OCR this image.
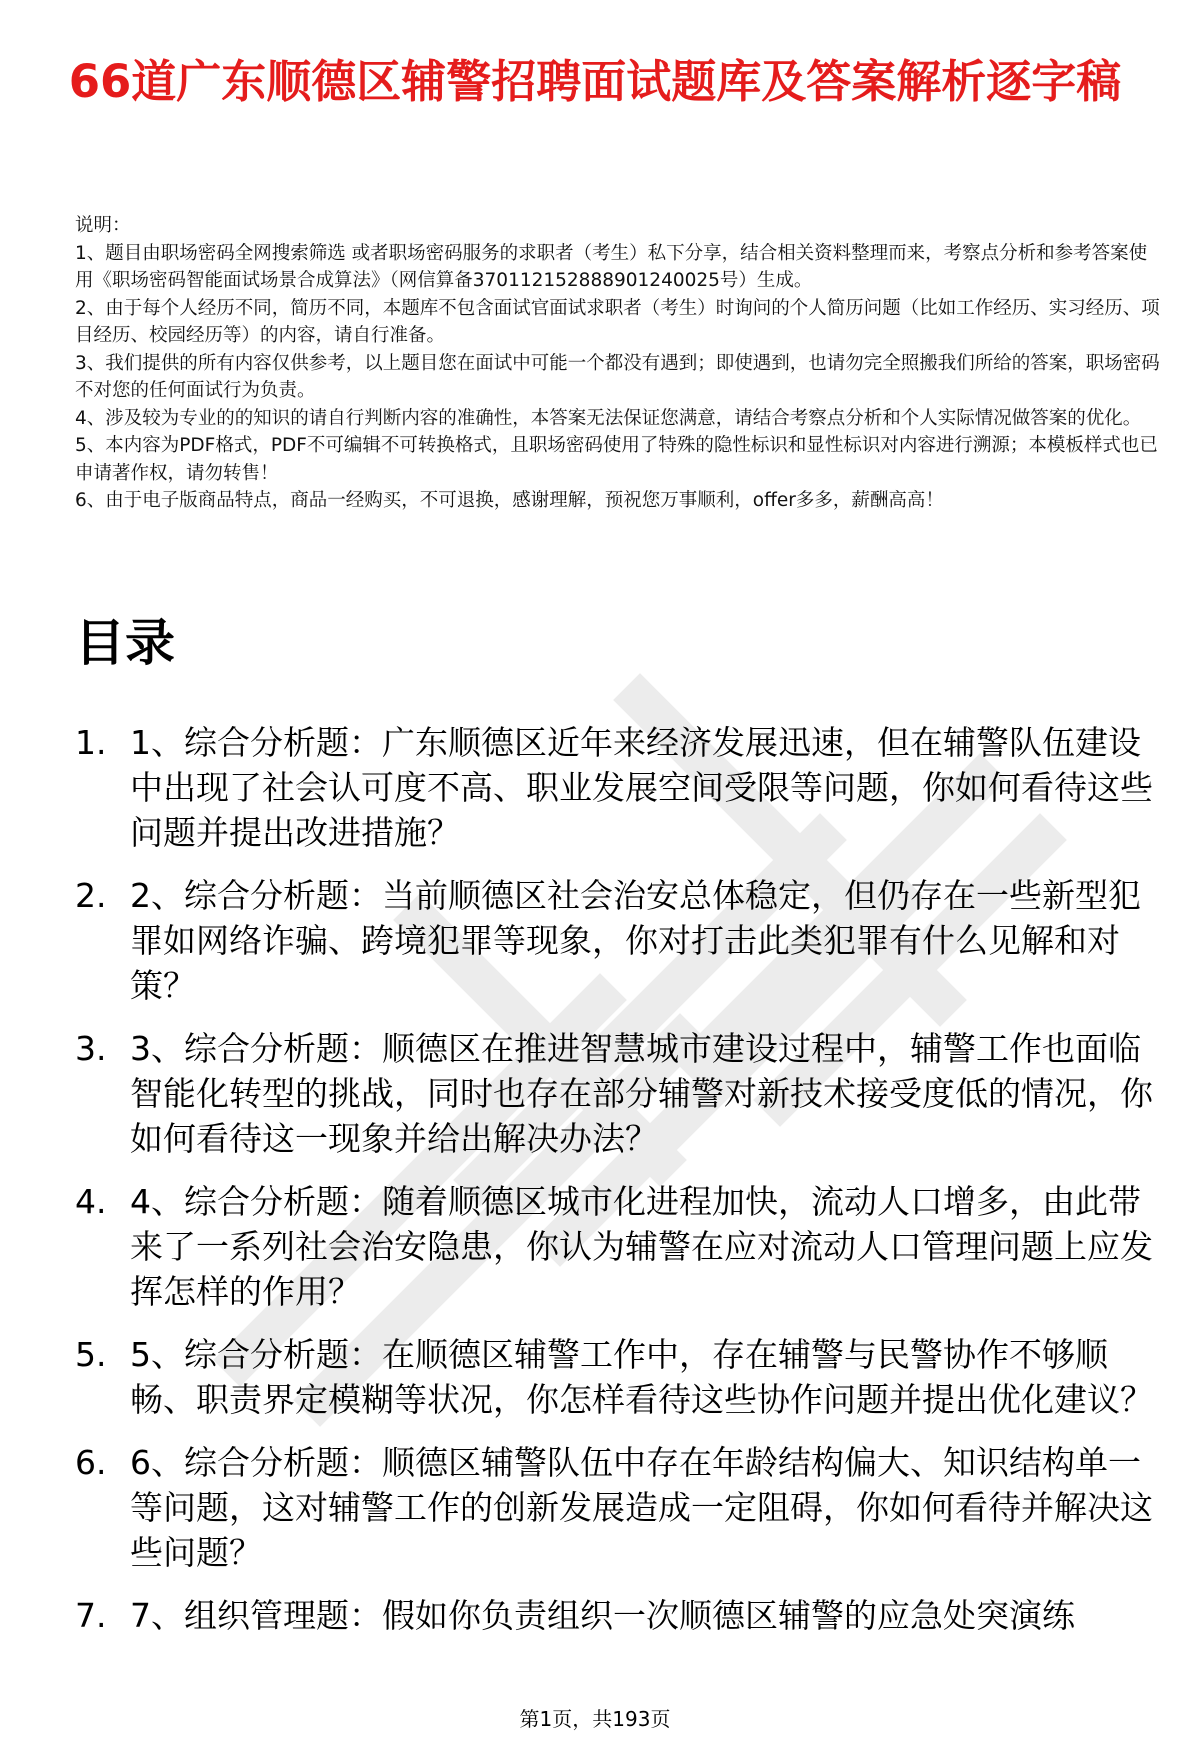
66道广东顺德区辅警招聘面试题库及答案解析逐字稿

说明：

1、题目由职场密码全网搜索筛选 或者职场密码服务的求职者（考生）私下分享，结合相关资料整理而来，考察点分析和参考答案使用《职场密码智能面试场景合成算法》（网信算备370112152888901240025号）生成。

2、由于每个人经历不同，简历不同，本题库不包含面试官面试求职者（考生）时询问的个人简历问题（比如工作经历、实习经历、项目经历、校园经历等）的内容，请自行准备。

3、我们提供的所有内容仅供参考，以上题目您在面试中可能一个都没有遇到；即使遇到，也请勿完全照搬我们所给的答案，职场密码不对您的任何面试行为负责。

4、涉及较为专业的的知识的请自行判断内容的准确性，本答案无法保证您满意，请结合考察点分析和个人实际情况做答案的优化。

5、本内容为PDF格式，PDF不可编辑不可转换格式，且职场密码使用了特殊的隐性标识和显性标识对内容进行溯源；本模板样式也已申请著作权，请勿转售！

6、由于电子版商品特点，商品一经购买，不可退换，感谢理解，预祝您万事顺利，offer多多，薪酬高高！

目录
1. 1、综合分析题：广东顺德区近年来经济发展迅速，但在辅警队伍建设中出现了社会认可度不高、职业发展空间受限等问题，你如何看待这些问题并提出改进措施？
2. 2、综合分析题：当前顺德区社会治安总体稳定，但仍存在一些新型犯罪如网络诈骗、跨境犯罪等现象，你对打击此类犯罪有什么见解和对策？
3. 3、综合分析题：顺德区在推进智慧城市建设过程中，辅警工作也面临智能化转型的挑战，同时也存在部分辅警对新技术接受度低的情况，你如何看待这一现象并给出解决办法？
4. 4、综合分析题：随着顺德区城市化进程加快，流动人口增多，由此带来了一系列社会治安隐患，你认为辅警在应对流动人口管理问题上应发挥怎样的作用？
5. 5、综合分析题：在顺德区辅警工作中，存在辅警与民警协作不够顺畅、职责界定模糊等状况，你怎样看待这些协作问题并提出优化建议？
6. 6、综合分析题：顺德区辅警队伍中存在年龄结构偏大、知识结构单一等问题，这对辅警工作的创新发展造成一定阻碍，你如何看待并解决这些问题？
7. 7、组织管理题：假如你负责组织一次顺德区辅警的应急处突演练
第1页，共193页
